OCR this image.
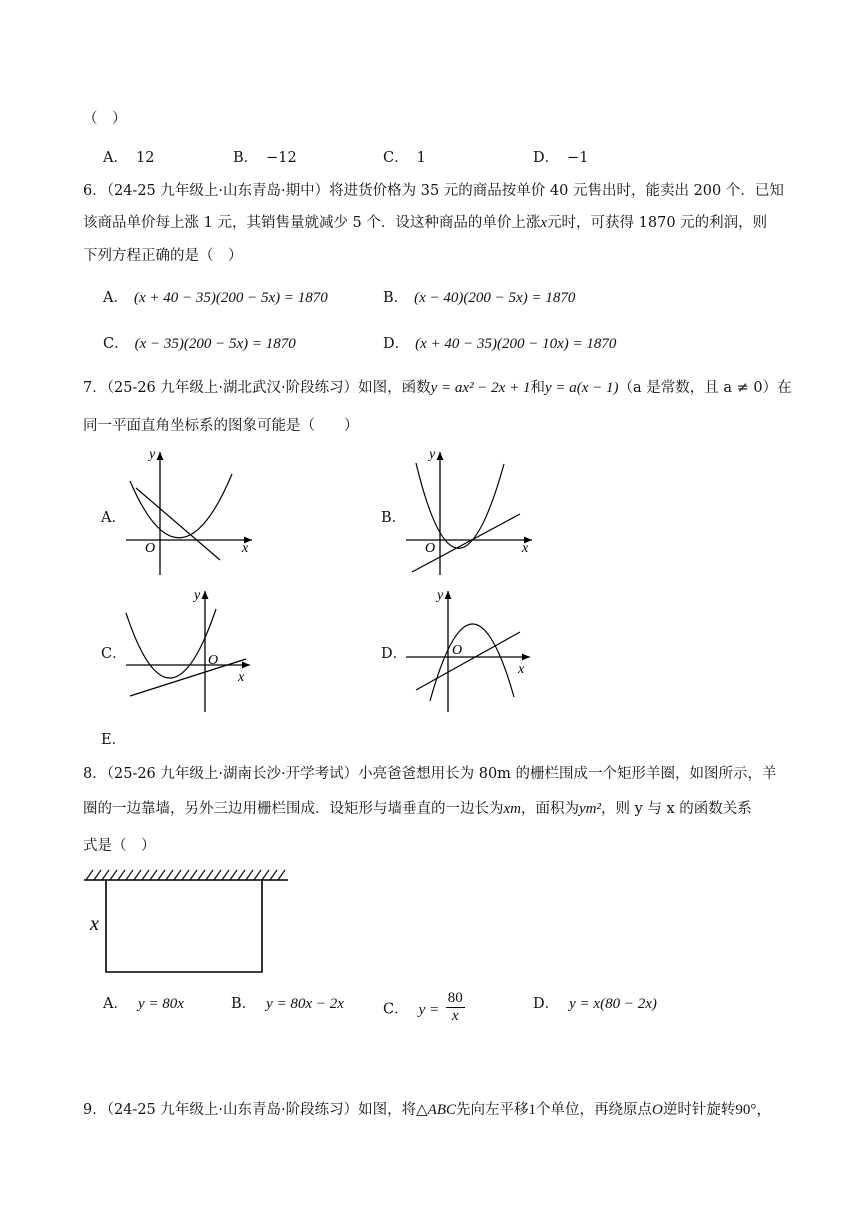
（　）
A． 12	B． −12	C． 1	D． −1
6．（24-25 九年级上·山东青岛·期中）将进货价格为 35 元的商品按单价 40 元售出时，能卖出 200 个．已知
该商品单价每上涨 1 元，其销售量就减少 5 个．设这种商品的单价上涨x元时，可获得 1870 元的利润，则
下列方程正确的是（　）
A． (x + 40 − 35)(200 − 5x) = 1870	B． (x − 40)(200 − 5x) = 1870
C． (x − 35)(200 − 5x) = 1870	D． (x + 40 − 35)(200 − 10x) = 1870
7．（25-26 九年级上·湖北武汉·阶段练习）如图，函数y = ax² − 2x + 1和y = a(x − 1)（a 是常数，且 a ≠ 0）在
同一平面直角坐标系的图象可能是（　　）
A．	B．
C．	D．
E．
y
x
O
y
x
O
y
x
O
y
x
O
8．（25-26 九年级上·湖南长沙·开学考试）小亮爸爸想用长为 80m 的栅栏围成一个矩形羊圈，如图所示，羊
圈的一边靠墙，另外三边用栅栏围成．设矩形与墙垂直的一边长为xm，面积为ym²，则 y 与 x 的函数关系
式是（　）
x
A． y = 80x	B． y = 80x − 2x	C． $y = \frac{80}{x}$	D． y = x(80 − 2x)
9．（24-25 九年级上·山东青岛·阶段练习）如图，将△ABC先向左平移1个单位，再绕原点O逆时针旋转90°，
